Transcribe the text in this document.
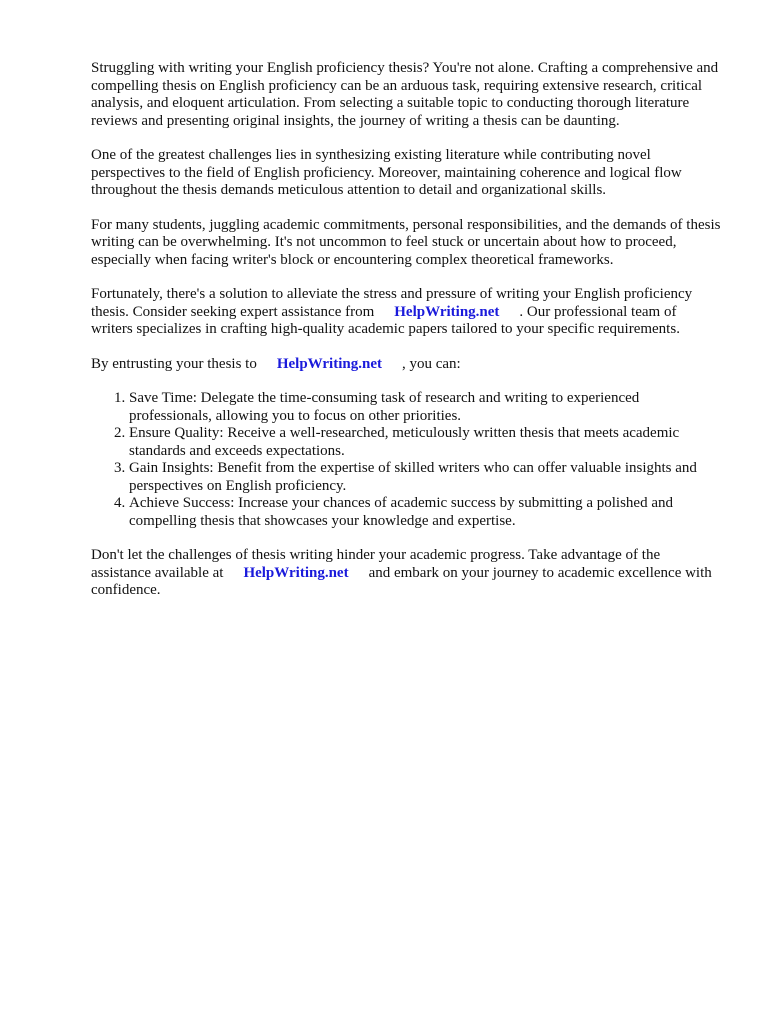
Struggling with writing your English proficiency thesis? You're not alone. Crafting a comprehensive and compelling thesis on English proficiency can be an arduous task, requiring extensive research, critical analysis, and eloquent articulation. From selecting a suitable topic to conducting thorough literature reviews and presenting original insights, the journey of writing a thesis can be daunting.

One of the greatest challenges lies in synthesizing existing literature while contributing novel perspectives to the field of English proficiency. Moreover, maintaining coherence and logical flow throughout the thesis demands meticulous attention to detail and organizational skills.

For many students, juggling academic commitments, personal responsibilities, and the demands of thesis writing can be overwhelming. It's not uncommon to feel stuck or uncertain about how to proceed, especially when facing writer's block or encountering complex theoretical frameworks.

Fortunately, there's a solution to alleviate the stress and pressure of writing your English proficiency thesis. Consider seeking expert assistance from HelpWriting.net . Our professional team of writers specializes in crafting high-quality academic papers tailored to your specific requirements.

By entrusting your thesis to HelpWriting.net , you can:

1. Save Time: Delegate the time-consuming task of research and writing to experienced professionals, allowing you to focus on other priorities.
2. Ensure Quality: Receive a well-researched, meticulously written thesis that meets academic standards and exceeds expectations.
3. Gain Insights: Benefit from the expertise of skilled writers who can offer valuable insights and perspectives on English proficiency.
4. Achieve Success: Increase your chances of academic success by submitting a polished and compelling thesis that showcases your knowledge and expertise.

Don't let the challenges of thesis writing hinder your academic progress. Take advantage of the assistance available at HelpWriting.net and embark on your journey to academic excellence with confidence.
